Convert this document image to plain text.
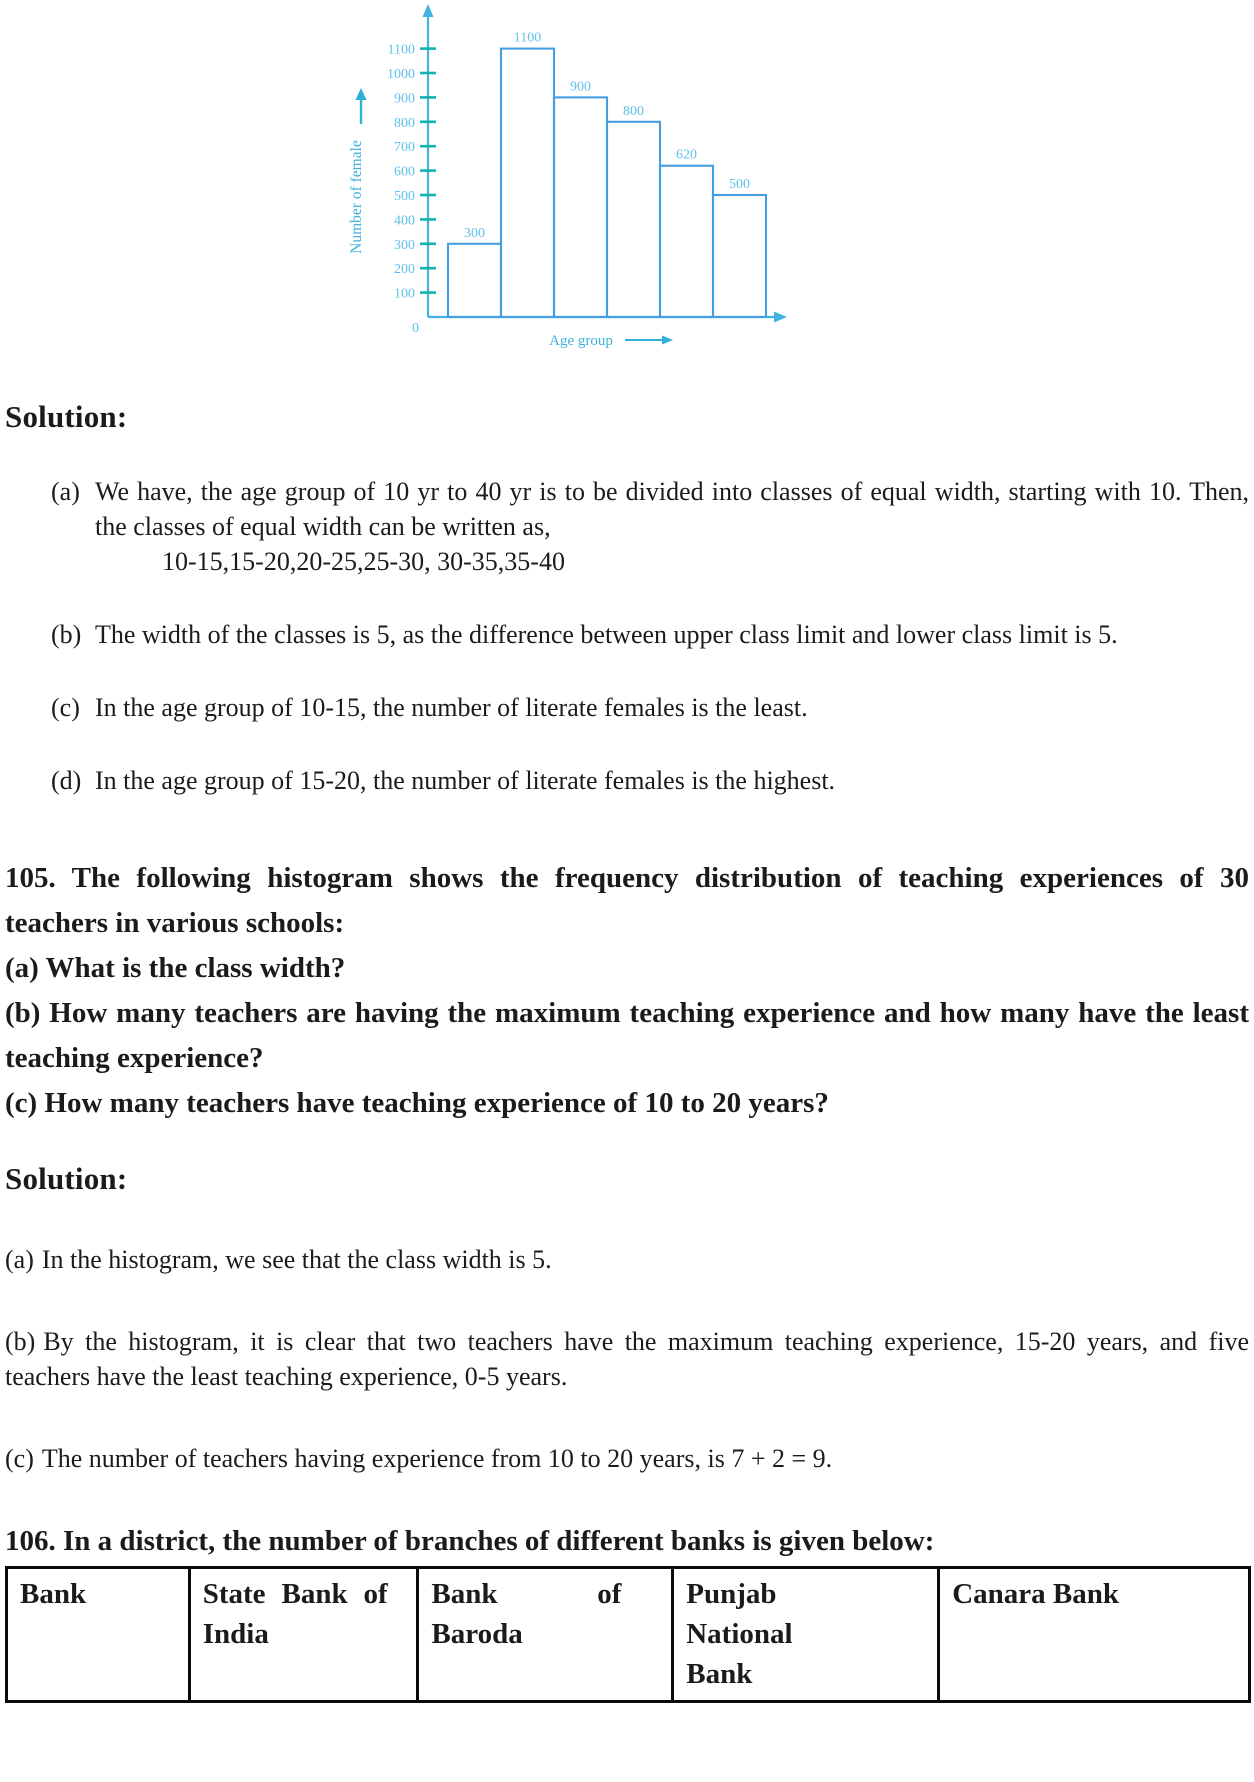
Number of female
0
100
200
300
400
500
600
700
800
900
1000
1100
300
1100
900
800
620
500
Age group
Solution:
(a) We have, the age group of 10 yr to 40 yr is to be divided into classes of equal width, starting with 10. Then, the classes of equal width can be written as,
10-15,15-20,20-25,25-30, 30-35,35-40
(b) The width of the classes is 5, as the difference between upper class limit and lower class limit is 5.
(c) In the age group of 10-15, the number of literate females is the least.
(d) In the age group of 15-20, the number of literate females is the highest.

105. The following histogram shows the frequency distribution of teaching experiences of 30 teachers in various schools:

(a) What is the class width?

(b) How many teachers are having the maximum teaching experience and how many have the least teaching experience?

(c) How many teachers have teaching experience of 10 to 20 years?

Solution:

(a) In the histogram, we see that the class width is 5.

(b) By the histogram, it is clear that two teachers have the maximum teaching experience, 15-20 years, and five teachers have the least teaching experience, 0-5 years.

(c) The number of teachers having experience from 10 to 20 years, is 7 + 2 = 9.

106. In a district, the number of branches of different banks is given below:

Bank	State Bank of India	Bank of Baroda	Punjab National Bank	Canara Bank
